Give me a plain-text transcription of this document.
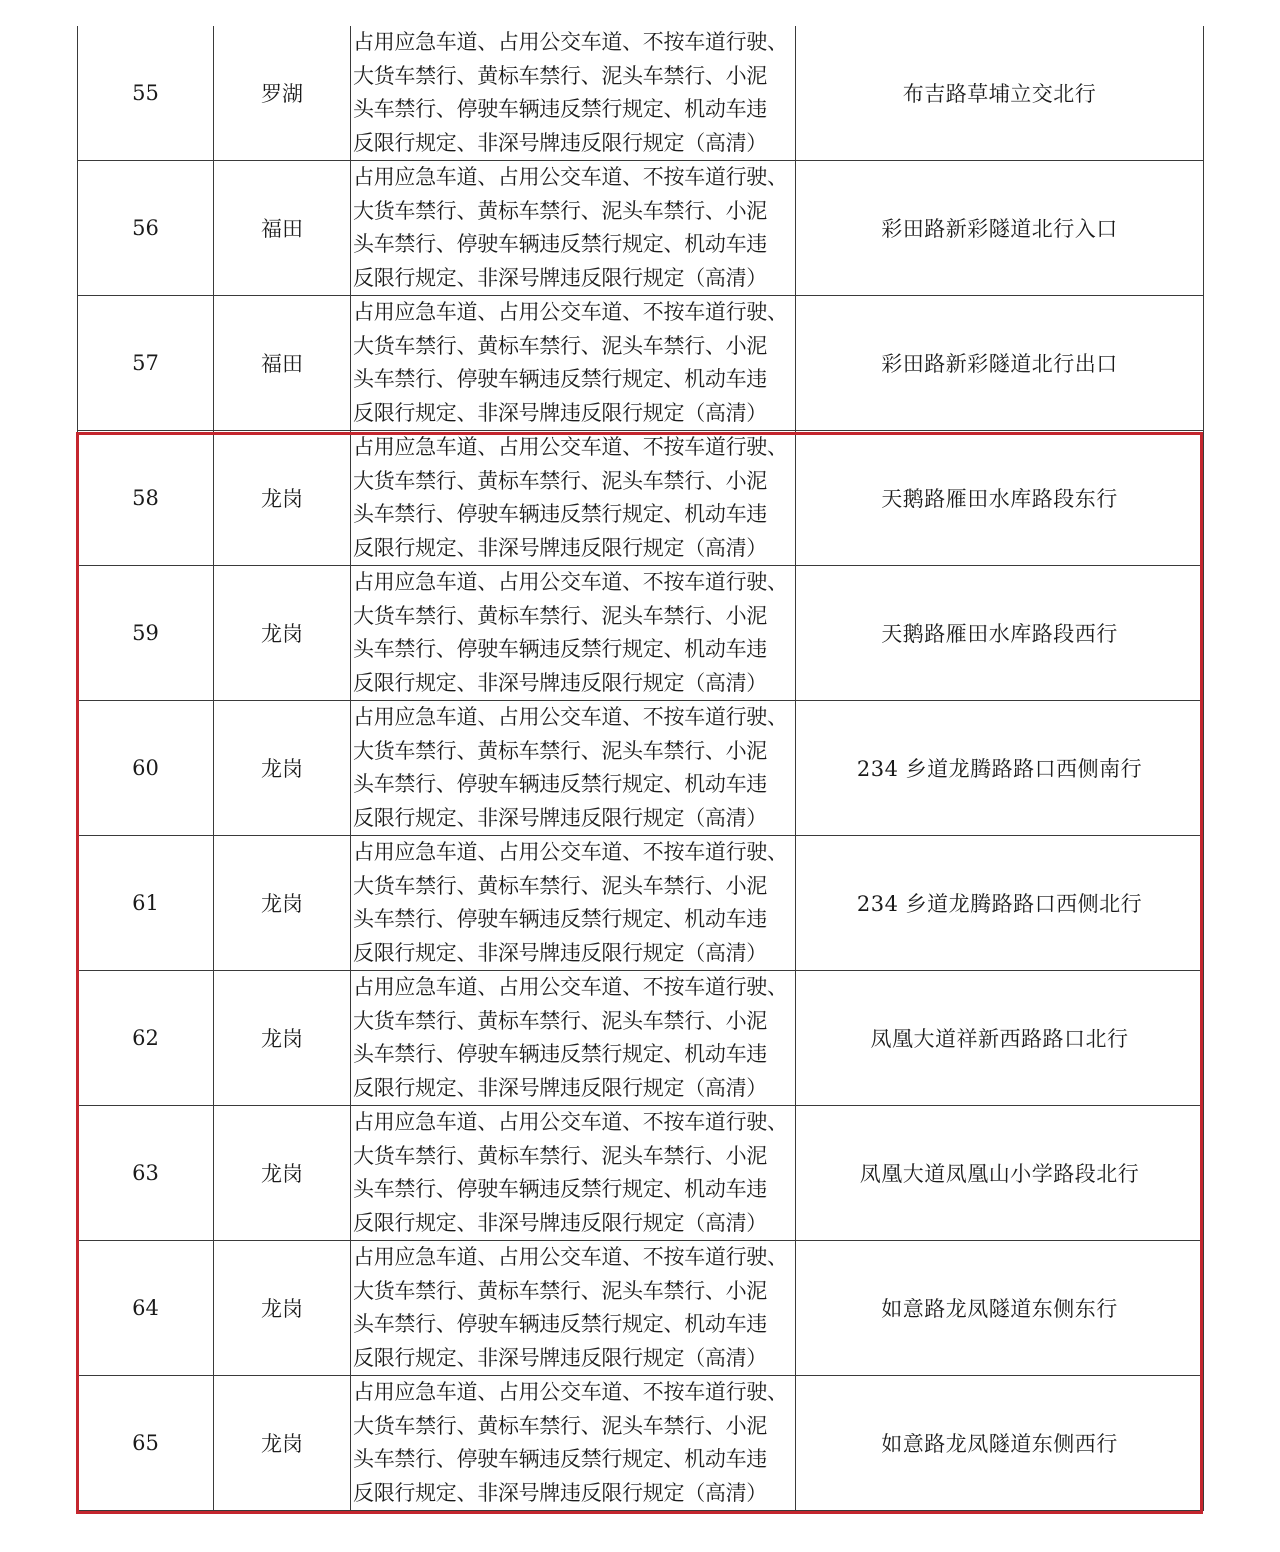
55	罗湖	占用应急车道、占用公交车道、不按车道行驶、
大货车禁行、黄标车禁行、泥头车禁行、小泥
头车禁行、停驶车辆违反禁行规定、机动车违
反限行规定、非深号牌违反限行规定（高清）	布吉路草埔立交北行
56	福田	占用应急车道、占用公交车道、不按车道行驶、
大货车禁行、黄标车禁行、泥头车禁行、小泥
头车禁行、停驶车辆违反禁行规定、机动车违
反限行规定、非深号牌违反限行规定（高清）	彩田路新彩隧道北行入口
57	福田	占用应急车道、占用公交车道、不按车道行驶、
大货车禁行、黄标车禁行、泥头车禁行、小泥
头车禁行、停驶车辆违反禁行规定、机动车违
反限行规定、非深号牌违反限行规定（高清）	彩田路新彩隧道北行出口
58	龙岗	占用应急车道、占用公交车道、不按车道行驶、
大货车禁行、黄标车禁行、泥头车禁行、小泥
头车禁行、停驶车辆违反禁行规定、机动车违
反限行规定、非深号牌违反限行规定（高清）	天鹅路雁田水库路段东行
59	龙岗	占用应急车道、占用公交车道、不按车道行驶、
大货车禁行、黄标车禁行、泥头车禁行、小泥
头车禁行、停驶车辆违反禁行规定、机动车违
反限行规定、非深号牌违反限行规定（高清）	天鹅路雁田水库路段西行
60	龙岗	占用应急车道、占用公交车道、不按车道行驶、
大货车禁行、黄标车禁行、泥头车禁行、小泥
头车禁行、停驶车辆违反禁行规定、机动车违
反限行规定、非深号牌违反限行规定（高清）	234 乡道龙腾路路口西侧南行
61	龙岗	占用应急车道、占用公交车道、不按车道行驶、
大货车禁行、黄标车禁行、泥头车禁行、小泥
头车禁行、停驶车辆违反禁行规定、机动车违
反限行规定、非深号牌违反限行规定（高清）	234 乡道龙腾路路口西侧北行
62	龙岗	占用应急车道、占用公交车道、不按车道行驶、
大货车禁行、黄标车禁行、泥头车禁行、小泥
头车禁行、停驶车辆违反禁行规定、机动车违
反限行规定、非深号牌违反限行规定（高清）	凤凰大道祥新西路路口北行
63	龙岗	占用应急车道、占用公交车道、不按车道行驶、
大货车禁行、黄标车禁行、泥头车禁行、小泥
头车禁行、停驶车辆违反禁行规定、机动车违
反限行规定、非深号牌违反限行规定（高清）	凤凰大道凤凰山小学路段北行
64	龙岗	占用应急车道、占用公交车道、不按车道行驶、
大货车禁行、黄标车禁行、泥头车禁行、小泥
头车禁行、停驶车辆违反禁行规定、机动车违
反限行规定、非深号牌违反限行规定（高清）	如意路龙凤隧道东侧东行
65	龙岗	占用应急车道、占用公交车道、不按车道行驶、
大货车禁行、黄标车禁行、泥头车禁行、小泥
头车禁行、停驶车辆违反禁行规定、机动车违
反限行规定、非深号牌违反限行规定（高清）	如意路龙凤隧道东侧西行
